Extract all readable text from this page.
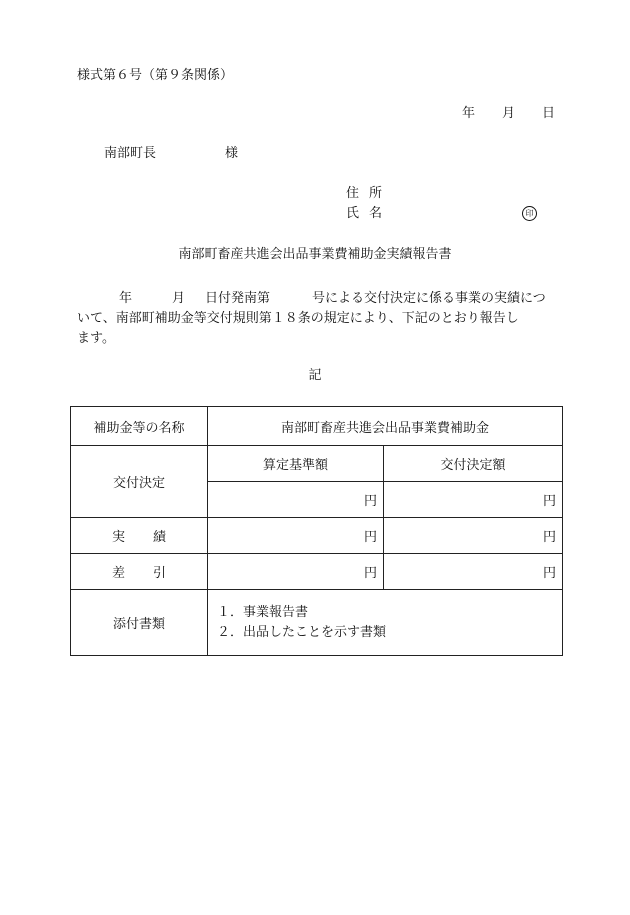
様式第６号（第９条関係）
年 月 日
南部町長	様
住 所
氏 名	印
南部町畜産共進会出品事業費補助金実績報告書
年	月 日付発南第	号による交付決定に係る事業の実績につ
いて、南部町補助金等交付規則第１８条の規定により、下記のとおり報告し
ます。
記
補助金等の名称	南部町畜産共進会出品事業費補助金	
交付決定	算定基準額	交付決定額
	円	円
実 績	円	円
差 引	円	円
添付書類	１．事業報告書
２．出品したことを示す書類	
